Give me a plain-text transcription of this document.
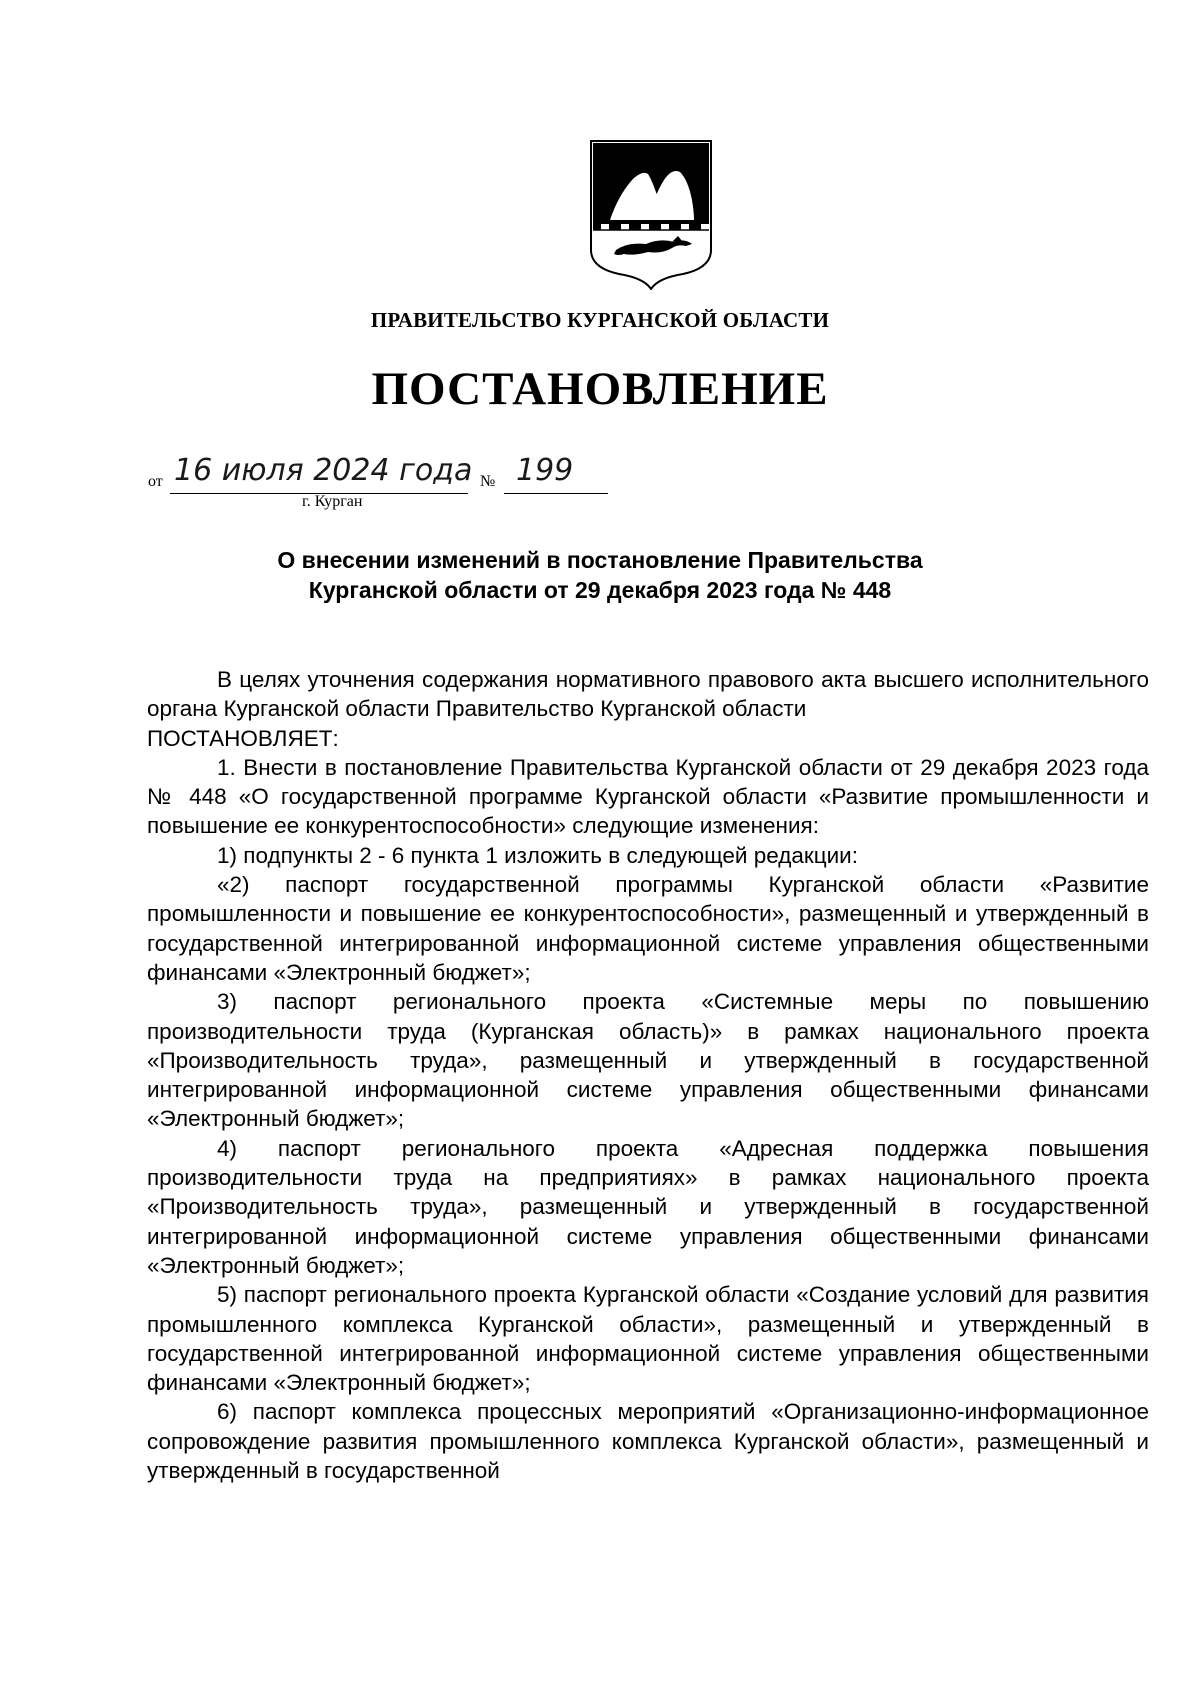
ПРАВИТЕЛЬСТВО КУРГАНСКОЙ ОБЛАСТИ
ПОСТАНОВЛЕНИЕ
от 16 июля 2024 года № 199
г. Курган
О внесении изменений в постановление Правительства
Курганской области от 29 декабря 2023 года № 448

В целях уточнения содержания нормативного правового акта высшего исполнительного органа Курганской области Правительство Курганской области

ПОСТАНОВЛЯЕТ:

1. Внести в постановление Правительства Курганской области от 29 декабря 2023 года № 448 «О государственной программе Курганской области «Развитие промышленности и повышение ее конкурентоспособности» следующие изменения:

1) подпункты 2 - 6 пункта 1 изложить в следующей редакции:

«2) паспорт государственной программы Курганской области «Развитие промышленности и повышение ее конкурентоспособности», размещенный и утвержденный в государственной интегрированной информационной системе управления общественными финансами «Электронный бюджет»;

3) паспорт регионального проекта «Системные меры по повышению производительности труда (Курганская область)» в рамках национального проекта «Производительность труда», размещенный и утвержденный в государственной интегрированной информационной системе управления общественными финансами «Электронный бюджет»;

4) паспорт регионального проекта «Адресная поддержка повышения производительности труда на предприятиях» в рамках национального проекта «Производительность труда», размещенный и утвержденный в государственной интегрированной информационной системе управления общественными финансами «Электронный бюджет»;

5) паспорт регионального проекта Курганской области «Создание условий для развития промышленного комплекса Курганской области», размещенный и утвержденный в государственной интегрированной информационной системе управления общественными финансами «Электронный бюджет»;

6) паспорт комплекса процессных мероприятий «Организационно-информационное сопровождение развития промышленного комплекса Курганской области», размещенный и утвержденный в государственной
